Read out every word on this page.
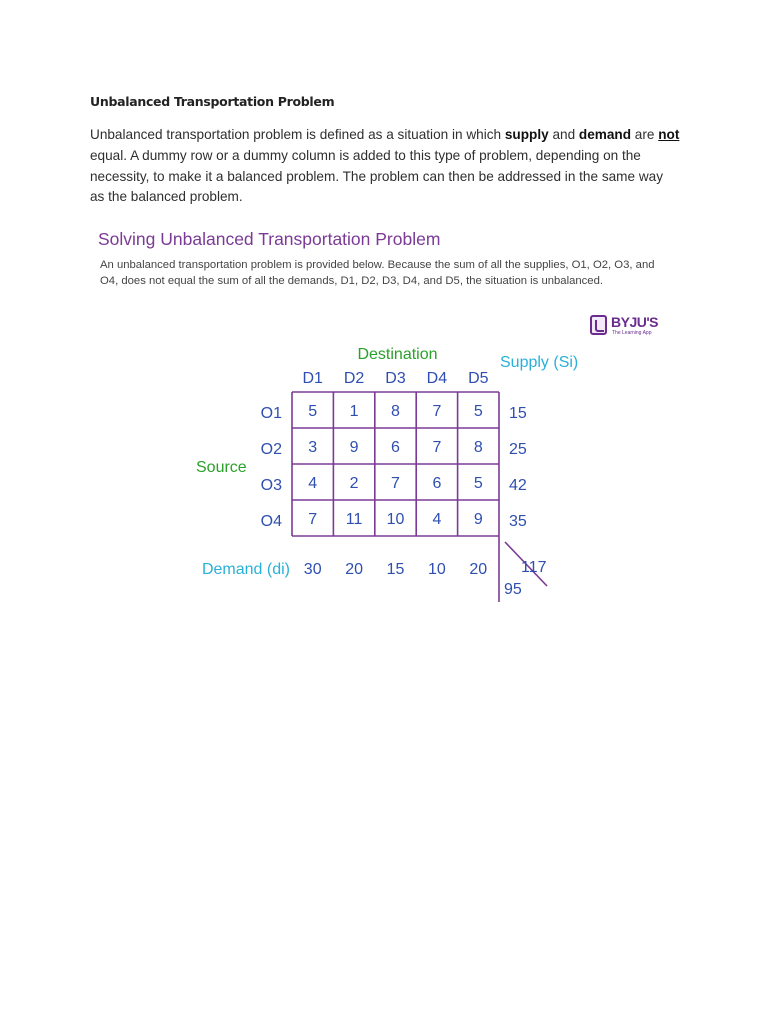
Unbalanced Transportation Problem

Unbalanced transportation problem is defined as a situation in which supply and demand are not equal. A dummy row or a dummy column is added to this type of problem, depending on the necessity, to make it a balanced problem. The problem can then be addressed in the same way as the balanced problem.

Solving Unbalanced Transportation Problem
An unbalanced transportation problem is provided below. Because the sum of all the supplies, O1, O2, O3, and O4, does not equal the sum of all the demands, D1, D2, D3, D4, and D5, the situation is unbalanced.
BYJU'S
The Learning App
Destination	Supply (Si)
Source
Demand (di)
D1 D2 D3 D4 D5
O1 5 1 8 7 5 15
O2 3 9 6 7 8 25
O3 4 2 7 6 5 42
O4 7 11 10 4 9 35
30 20 15 10 20 117
95
